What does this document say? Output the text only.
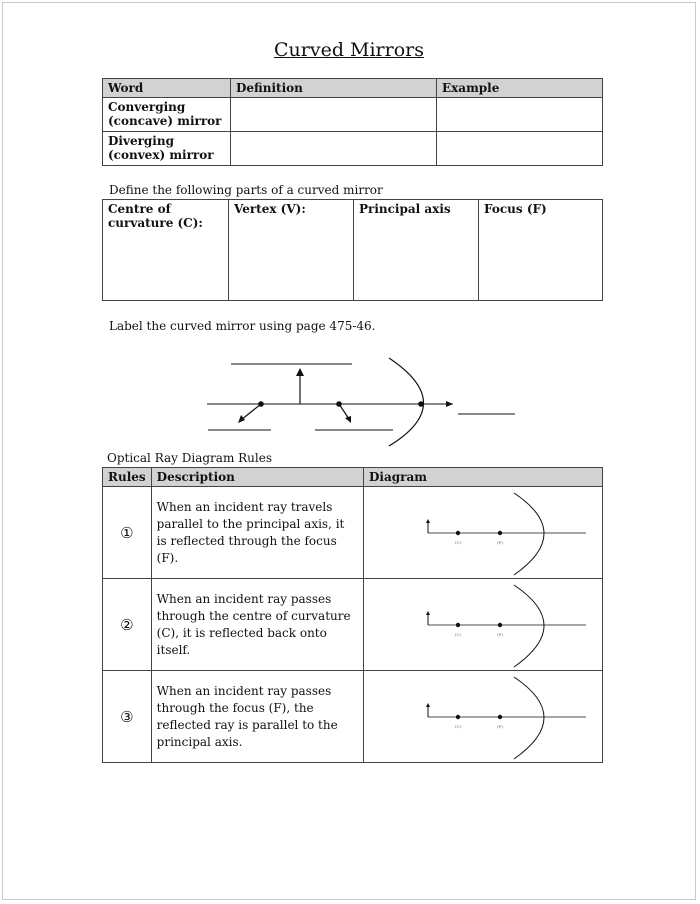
Curved Mirrors
Word	Definition	Example
Converging (concave) mirror		
Diverging (convex) mirror		
Define the following parts of a curved mirror
Centre of curvature (C):	Vertex (V):	Principal axis	Focus (F)
Label the curved mirror using page 475-46.
Optical Ray Diagram Rules
Rules	Description	Diagram
①	When an incident ray travels parallel to the principal axis, it is reflected through the focus (F).	(C) (F)

②	When an incident ray passes through the centre of curvature (C), it is reflected back onto itself.	(C) (F)

③	When an incident ray passes through the focus (F), the reflected ray is parallel to the principal axis.	(C) (F)
